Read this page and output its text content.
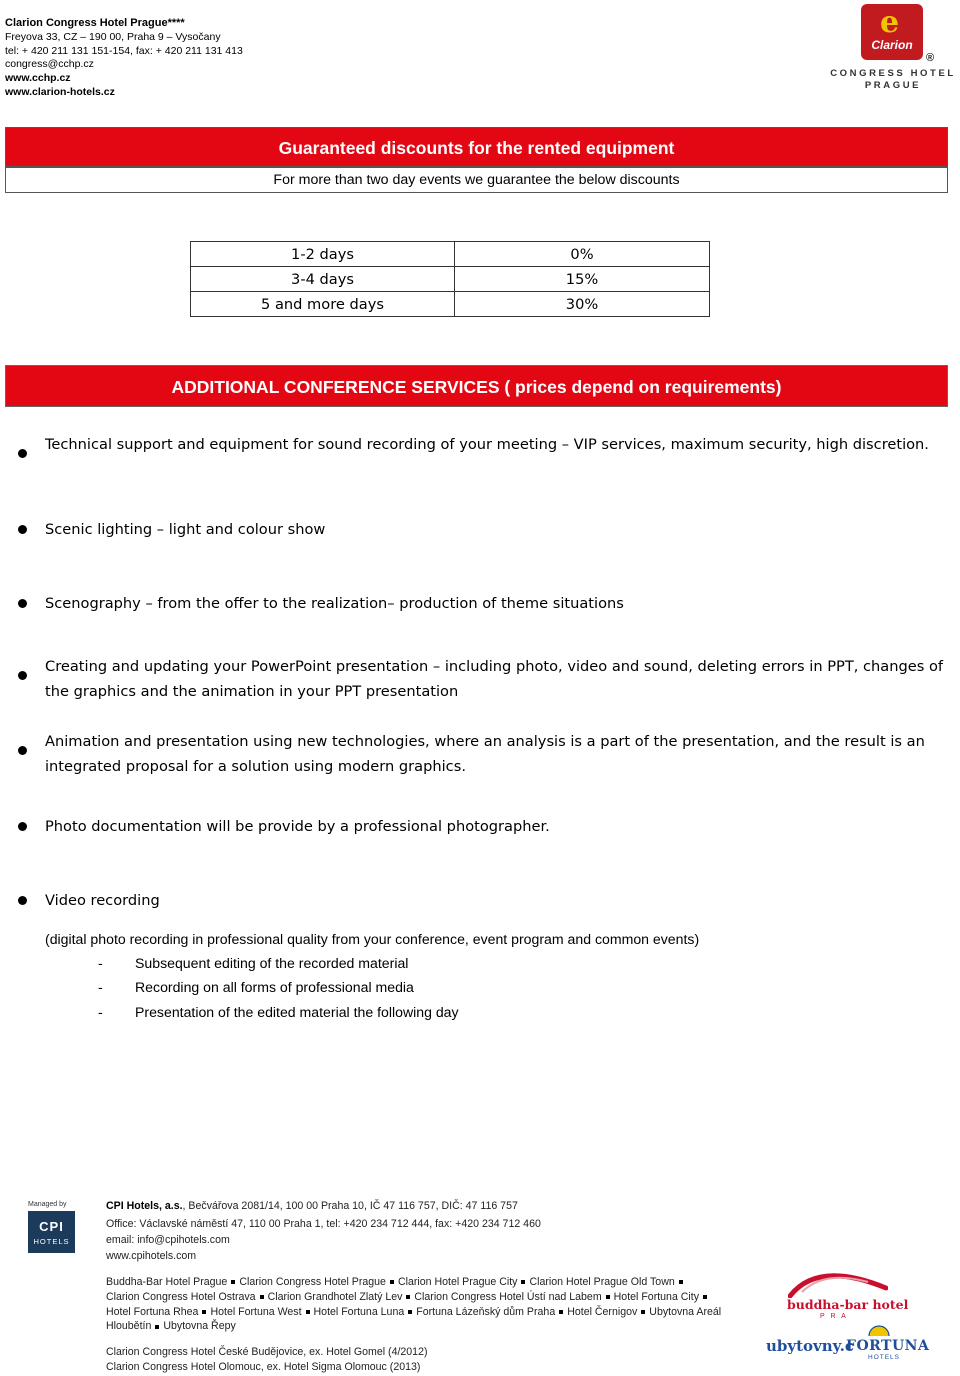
Clarion Congress Hotel Prague****
Freyova 33, CZ – 190 00, Praha 9 – Vysočany
tel: + 420 211 131 151-154, fax: + 420 211 131 413
congress@cchp.cz
www.cchp.cz
www.clarion-hotels.cz
e
Clarion
®
CONGRESS HOTEL
PRAGUE
Guaranteed discounts for the rented equipment
For more than two day events we guarantee the below discounts
1-2 days	0%
3-4 days	15%
5 and more days	30%
ADDITIONAL CONFERENCE SERVICES ( prices depend on requirements)
Technical support and equipment for sound recording of your meeting – VIP services, maximum security, high discretion.
Scenic lighting – light and colour show
Scenography – from the offer to the realization– production of theme situations
Creating and updating your PowerPoint presentation – including photo, video and sound, deleting errors in PPT, changes of the graphics and the animation in your PPT presentation
Animation and presentation using new technologies, where an analysis is a part of the presentation, and the result is an integrated proposal for a solution using modern graphics.
Photo documentation will be provide by a professional photographer.
Video recording
(digital photo recording in professional quality from your conference, event program and common events)
- Subsequent editing of the recorded material
- Recording on all forms of professional media
- Presentation of the edited material the following day
Managed by
CPI
HOTELS
CPI Hotels, a.s., Bečvářova 2081/14, 100 00 Praha 10, IČ 47 116 757, DIČ: 47 116 757
Office: Václavské náměstí 47, 110 00 Praha 1, tel: +420 234 712 444, fax: +420 234 712 460
email: info@cpihotels.com
www.cpihotels.com
Buddha-Bar Hotel Prague Clarion Congress Hotel Prague Clarion Hotel Prague City Clarion Hotel Prague Old Town
Clarion Congress Hotel Ostrava Clarion Grandhotel Zlatý Lev Clarion Congress Hotel Ústí nad Labem Hotel Fortuna City
Hotel Fortuna Rhea Hotel Fortuna West Hotel Fortuna Luna Fortuna Lázeňský dům Praha Hotel Černigov Ubytovna Areál
Hloubětín Ubytovna Řepy
Clarion Congress Hotel České Budějovice, ex. Hotel Gomel (4/2012)
Clarion Congress Hotel Olomouc, ex. Hotel Sigma Olomouc (2013)
buddha-bar hotel
P R A
ubytovny.c
FORTUNA
HOTELS
